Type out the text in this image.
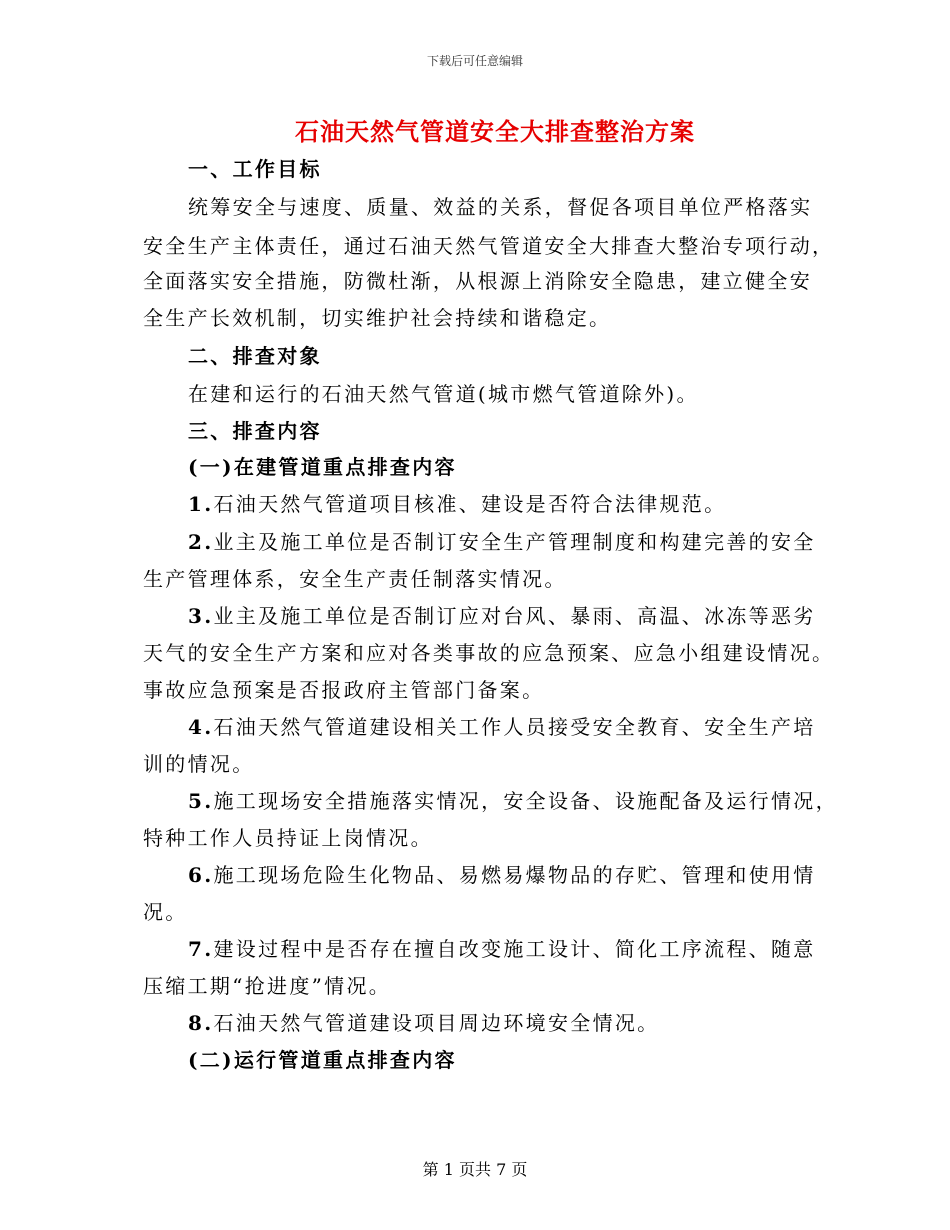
下载后可任意编辑
石油天然气管道安全大排查整治方案
一、工作目标
统筹安全与速度、质量、效益的关系，督促各项目单位严格落实
安全生产主体责任，通过石油天然气管道安全大排查大整治专项行动，
全面落实安全措施，防微杜渐，从根源上消除安全隐患，建立健全安
全生产长效机制，切实维护社会持续和谐稳定。
二、排查对象
在建和运行的石油天然气管道(城市燃气管道除外)。
三、排查内容
(一)在建管道重点排查内容
1.石油天然气管道项目核准、建设是否符合法律规范。
2.业主及施工单位是否制订安全生产管理制度和构建完善的安全
生产管理体系，安全生产责任制落实情况。
3.业主及施工单位是否制订应对台风、暴雨、高温、冰冻等恶劣
天气的安全生产方案和应对各类事故的应急预案、应急小组建设情况。
事故应急预案是否报政府主管部门备案。
4.石油天然气管道建设相关工作人员接受安全教育、安全生产培
训的情况。
5.施工现场安全措施落实情况，安全设备、设施配备及运行情况，
特种工作人员持证上岗情况。
6.施工现场危险生化物品、易燃易爆物品的存贮、管理和使用情
况。
7.建设过程中是否存在擅自改变施工设计、简化工序流程、随意
压缩工期“抢进度”情况。
8.石油天然气管道建设项目周边环境安全情况。
(二)运行管道重点排查内容
第 1 页共 7 页
